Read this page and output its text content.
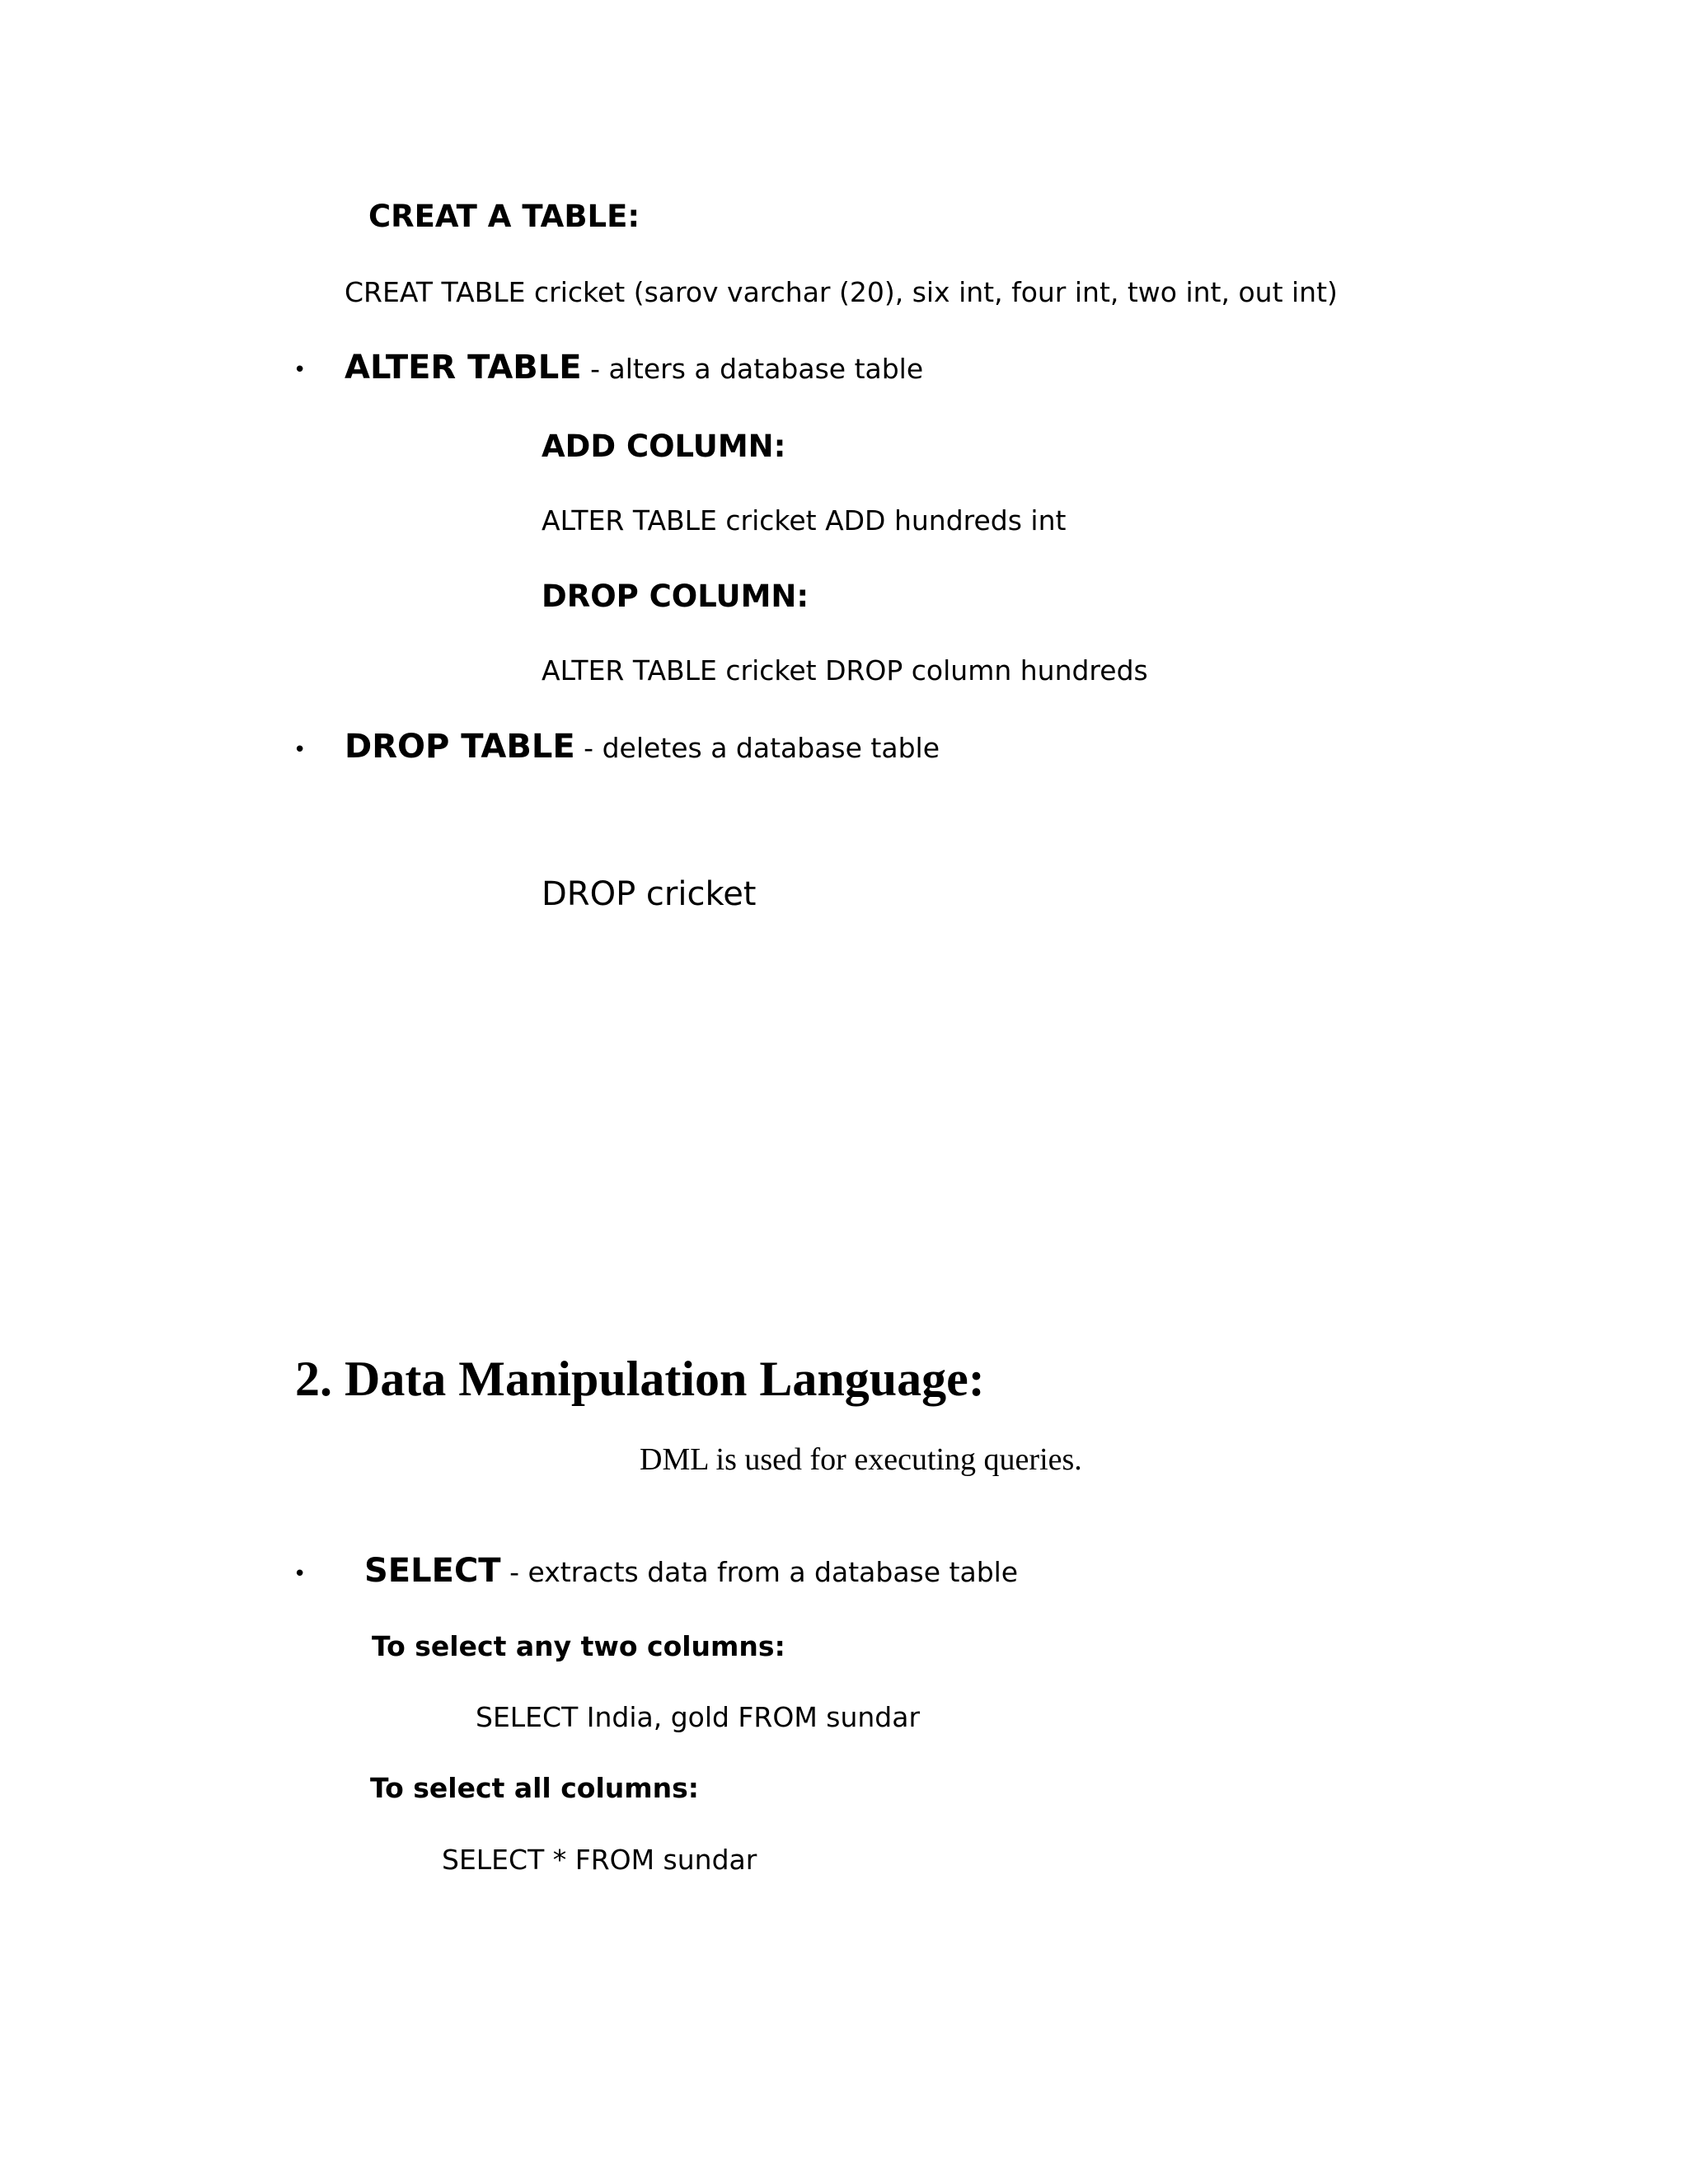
CREAT A TABLE:
CREAT TABLE cricket (sarov varchar (20), six int, four int, two int, out int)
• ALTER TABLE - alters a database table
ADD COLUMN:
ALTER TABLE cricket ADD hundreds int
DROP COLUMN:
ALTER TABLE cricket DROP column hundreds
• DROP TABLE - deletes a database table
DROP cricket
2. Data Manipulation Language:
DML is used for executing queries.
• SELECT - extracts data from a database table
To select any two columns:
SELECT India, gold FROM sundar
To select all columns:
SELECT * FROM sundar
